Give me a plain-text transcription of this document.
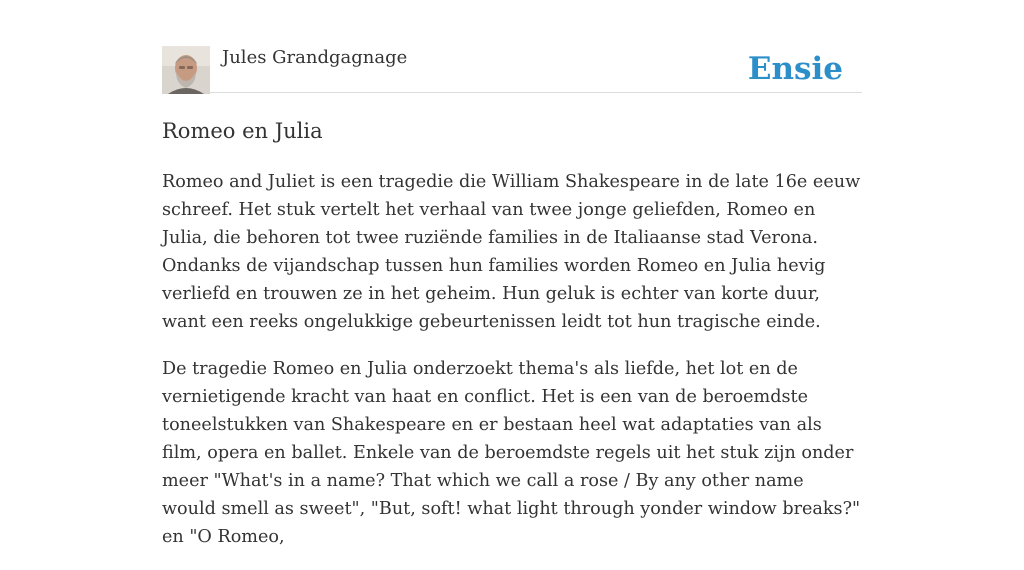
Jules Grandgagnage	Ensie
Romeo en Julia

Romeo and Juliet is een tragedie die William Shakespeare in de late 16e eeuw schreef. Het stuk vertelt het verhaal van twee jonge geliefden, Romeo en Julia, die behoren tot twee ruziënde families in de Italiaanse stad Verona. Ondanks de vijandschap tussen hun families worden Romeo en Julia hevig verliefd en trouwen ze in het geheim. Hun geluk is echter van korte duur, want een reeks ongelukkige gebeurtenissen leidt tot hun tragische einde.

De tragedie Romeo en Julia onderzoekt thema's als liefde, het lot en de vernietigende kracht van haat en conflict. Het is een van de beroemdste toneelstukken van Shakespeare en er bestaan heel wat adaptaties van als film, opera en ballet. Enkele van de beroemdste regels uit het stuk zijn onder meer "What's in a name? That which we call a rose / By any other name would smell as sweet", "But, soft! what light through yonder window breaks?" en "O Romeo,
